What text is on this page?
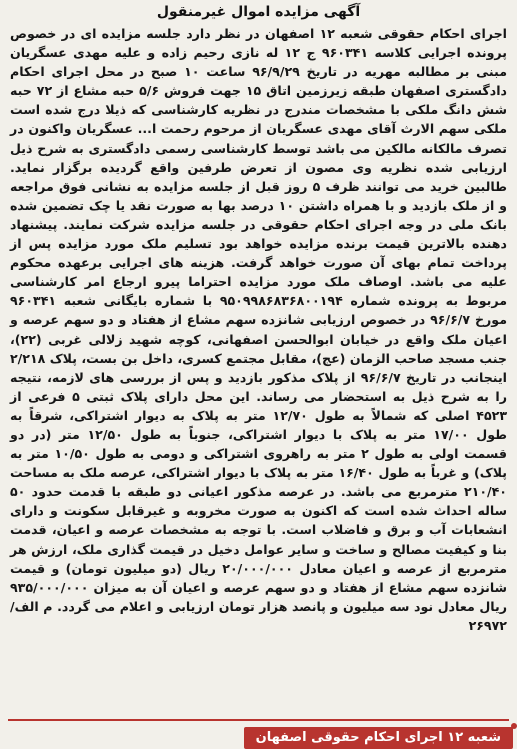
آگهی مزایده اموال غیرمنقول
اجرای احکام حقوقی شعبه ۱۲ اصفهان در نظر دارد جلسه مزایده ای در خصوص پرونده اجرایی کلاسه ۹۶۰۳۴۱ ج ۱۲ له نازی رحیم زاده و علیه مهدی عسگریان مبنی بر مطالبه مهریه در تاریخ ۹۶/۹/۲۹ ساعت ۱۰ صبح در محل اجرای احکام دادگستری اصفهان طبقه زیرزمین اتاق ۱۵ جهت فروش ۵/۶ حبه مشاع از ۷۲ حبه شش دانگ ملکی با مشخصات مندرج در نظریه کارشناسی که ذیلا درج شده است ملکی سهم الارث آقای مهدی عسگریان از مرحوم رحمت ا... عسگریان واکنون در تصرف مالکانه مالکین می باشد توسط کارشناسی رسمی دادگستری به شرح ذیل ارزیابی شده نظریه وی مصون از تعرض طرفین واقع گردیده برگزار نماید. طالبین خرید می توانند ظرف ۵ روز قبل از جلسه مزایده به نشانی فوق مراجعه و از ملک بازدید و با همراه داشتن ۱۰ درصد بها به صورت نقد یا چک تضمین شده بانک ملی در وجه اجرای احکام حقوقی در جلسه مزایده شرکت نمایند. پیشنهاد دهنده بالاترین قیمت برنده مزایده خواهد بود تسلیم ملک مورد مزایده پس از پرداخت تمام بهای آن صورت خواهد گرفت. هزینه های اجرایی برعهده محکوم علیه می باشد. اوصاف ملک مورد مزایده احتراما پیرو ارجاع امر کارشناسی مربوط به پرونده شماره ۹۵۰۹۹۸۶۸۳۶۸۰۰۱۹۴ با شماره بایگانی شعبه ۹۶۰۳۴۱ مورخ ۹۶/۶/۷ در خصوص ارزیابی شانزده سهم مشاع از هفتاد و دو سهم عرصه و اعیان ملک واقع در خیابان ابوالحسن اصفهانی، کوچه شهید زلالی غربی (۲۲)، جنب مسجد صاحب الزمان (عج)، مقابل مجتمع کسری، داخل بن بست، پلاک ۲/۲۱۸ اینجانب در تاریخ ۹۶/۶/۷ از پلاک مذکور بازدید و پس از بررسی های لازمه، نتیجه را به شرح ذیل به استحضار می رساند. این محل دارای پلاک ثبتی ۵ فرعی از ۴۵۲۳ اصلی که شمالاً به طول ۱۲/۷۰ متر به پلاک به دیوار اشتراکی، شرقاً به طول ۱۷/۰۰ متر به پلاک با دیوار اشتراکی، جنوباً به طول ۱۲/۵۰ متر (در دو قسمت اولی به طول ۲ متر به راهروی اشتراکی و دومی به طول ۱۰/۵۰ متر به پلاک) و غرباً به طول ۱۶/۴۰ متر به پلاک با دیوار اشتراکی، عرصه ملک به مساحت ۲۱۰/۴۰ مترمربع می باشد. در عرصه مذکور اعیانی دو طبقه با قدمت حدود ۵۰ ساله احداث شده است که اکنون به صورت مخروبه و غیرقابل سکونت و دارای انشعابات آب و برق و فاضلاب است. با توجه به مشخصات عرصه و اعیان، قدمت بنا و کیفیت مصالح و ساخت و سایر عوامل دخیل در قیمت گذاری ملک، ارزش هر مترمربع از عرصه و اعیان معادل ۲۰/۰۰۰/۰۰۰ ریال (دو میلیون تومان) و قیمت شانزده سهم مشاع از هفتاد و دو سهم عرصه و اعیان آن به میزان ۹۳۵/۰۰۰/۰۰۰ ریال معادل نود سه میلیون و پانصد هزار تومان ارزیابی و اعلام می گردد. م الف/ ۲۶۹۷۲
شعبه ۱۲ اجرای احکام حقوقی اصفهان
